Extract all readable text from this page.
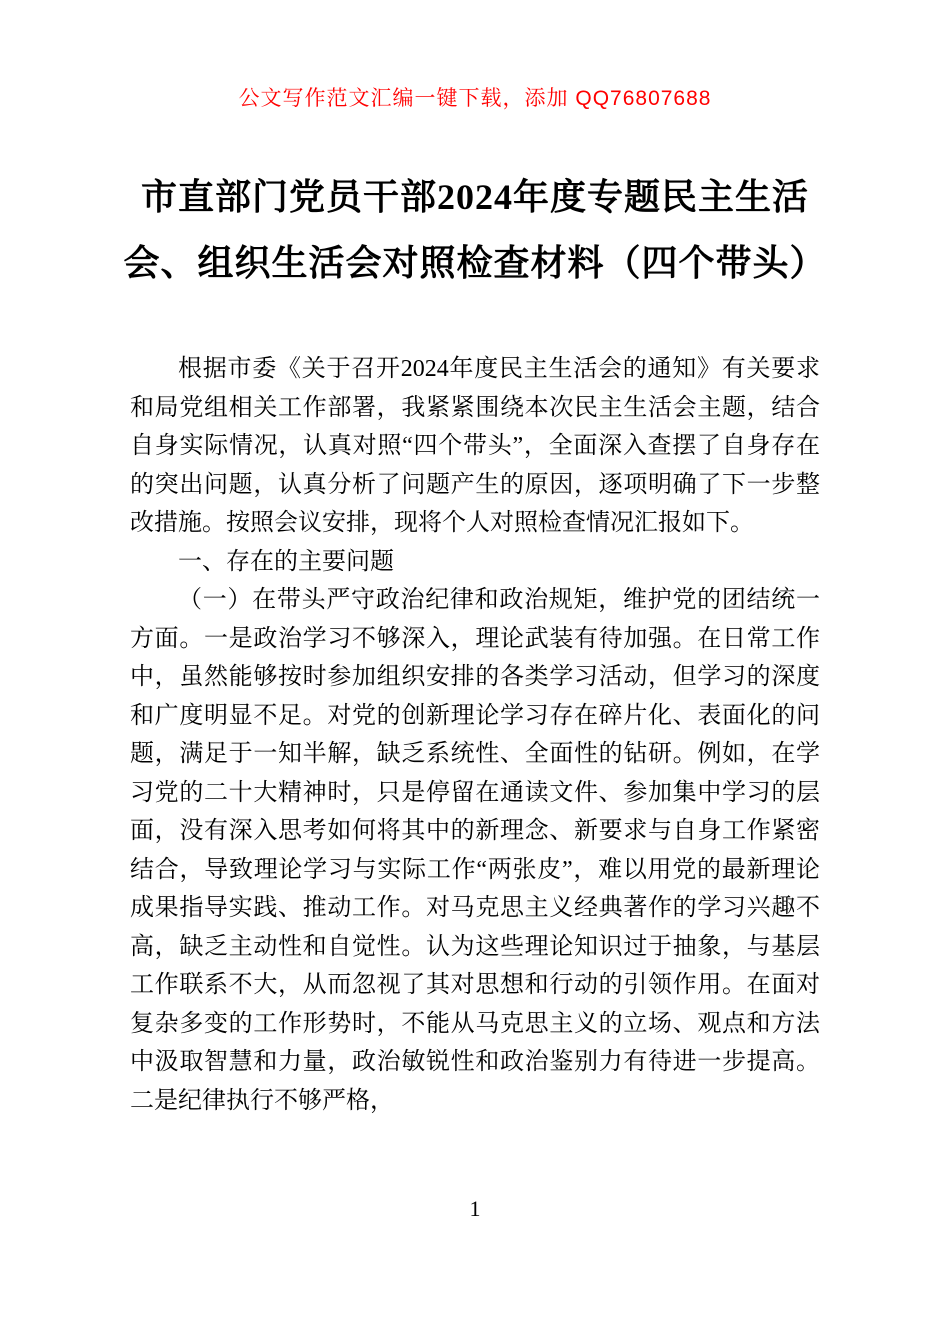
公文写作范文汇编一键下载，添加 QQ76807688
市直部门党员干部2024年度专题民主生活会、组织生活会对照检查材料（四个带头）

根据市委《关于召开2024年度民主生活会的通知》有关要求和局党组相关工作部署，我紧紧围绕本次民主生活会主题，结合自身实际情况，认真对照“四个带头”，全面深入查摆了自身存在的突出问题，认真分析了问题产生的原因，逐项明确了下一步整改措施。按照会议安排，现将个人对照检查情况汇报如下。

一、存在的主要问题

（一）在带头严守政治纪律和政治规矩，维护党的团结统一方面。一是政治学习不够深入，理论武装有待加强。在日常工作中，虽然能够按时参加组织安排的各类学习活动，但学习的深度和广度明显不足。对党的创新理论学习存在碎片化、表面化的问题，满足于一知半解，缺乏系统性、全面性的钻研。例如，在学习党的二十大精神时，只是停留在通读文件、参加集中学习的层面，没有深入思考如何将其中的新理念、新要求与自身工作紧密结合，导致理论学习与实际工作“两张皮”，难以用党的最新理论成果指导实践、推动工作。对马克思主义经典著作的学习兴趣不高，缺乏主动性和自觉性。认为这些理论知识过于抽象，与基层工作联系不大，从而忽视了其对思想和行动的引领作用。在面对复杂多变的工作形势时，不能从马克思主义的立场、观点和方法中汲取智慧和力量，政治敏锐性和政治鉴别力有待进一步提高。二是纪律执行不够严格，

1
